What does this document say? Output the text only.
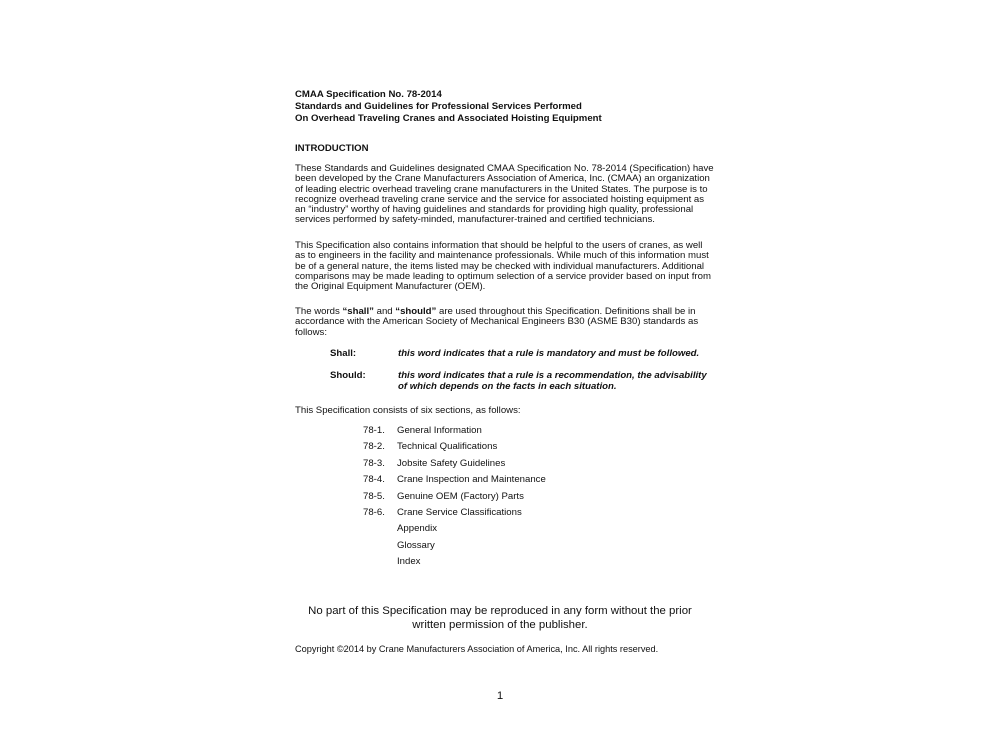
CMAA Specification No. 78-2014
Standards and Guidelines for Professional Services Performed
On Overhead Traveling Cranes and Associated Hoisting Equipment
INTRODUCTION
These Standards and Guidelines designated CMAA Specification No. 78-2014 (Specification) have been developed by the Crane Manufacturers Association of America, Inc. (CMAA) an organization of leading electric overhead traveling crane manufacturers in the United States. The purpose is to recognize overhead traveling crane service and the service for associated hoisting equipment as an “industry” worthy of having guidelines and standards for providing high quality, professional services performed by safety-minded, manufacturer-trained and certified technicians.
This Specification also contains information that should be helpful to the users of cranes, as well as to engineers in the facility and maintenance professionals. While much of this information must be of a general nature, the items listed may be checked with individual manufacturers. Additional comparisons may be made leading to optimum selection of a service provider based on input from the Original Equipment Manufacturer (OEM).
The words “shall” and “should” are used throughout this Specification. Definitions shall be in accordance with the American Society of Mechanical Engineers B30 (ASME B30) standards as follows:
Shall:	this word indicates that a rule is mandatory and must be followed.
Should:	this word indicates that a rule is a recommendation, the advisability of which depends on the facts in each situation.
This Specification consists of six sections, as follows:
78-1.	General Information
78-2.	Technical Qualifications
78-3.	Jobsite Safety Guidelines
78-4.	Crane Inspection and Maintenance
78-5.	Genuine OEM (Factory) Parts
78-6.	Crane Service Classifications
Appendix
Glossary
Index
No part of this Specification may be reproduced in any form without the prior written permission of the publisher.
Copyright ©2014 by Crane Manufacturers Association of America, Inc. All rights reserved.
1
